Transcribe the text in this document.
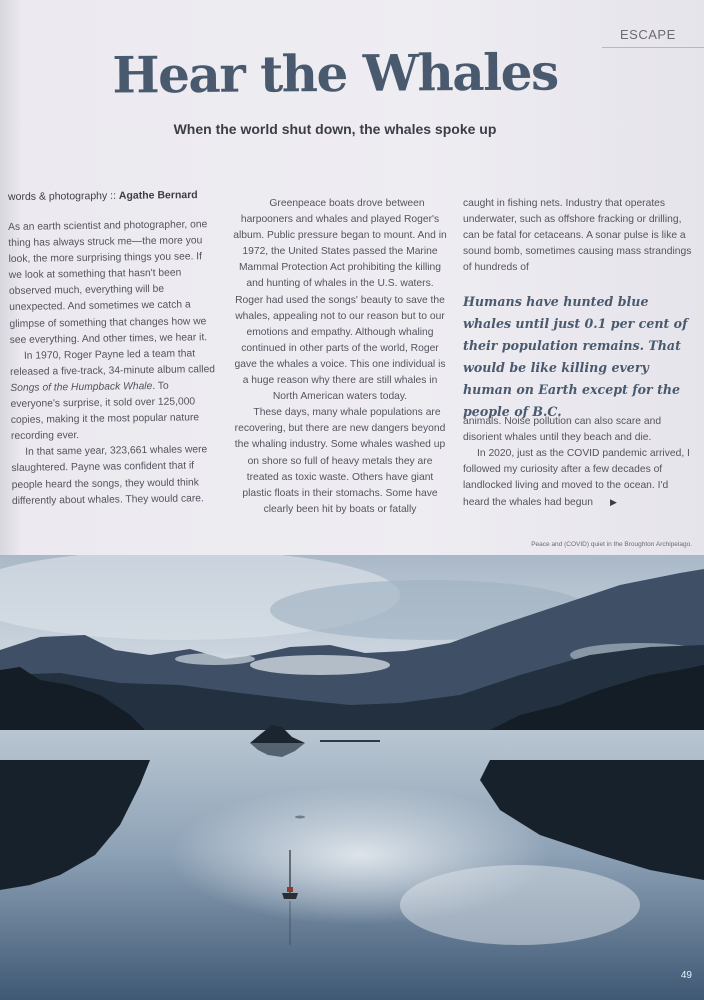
ESCAPE
Hear the Whales
When the world shut down, the whales spoke up
words & photography :: Agathe Bernard

As an earth scientist and photographer, one thing has always struck me—the more you look, the more surprising things you see. If we look at something that hasn't been observed much, everything will be unexpected. And sometimes we catch a glimpse of something that changes how we see everything. And other times, we hear it.

In 1970, Roger Payne led a team that released a five-track, 34-minute album called Songs of the Humpback Whale. To everyone's surprise, it sold over 125,000 copies, making it the most popular nature recording ever.

In that same year, 323,661 whales were slaughtered. Payne was confident that if people heard the songs, they would think differently about whales. They would care.

Greenpeace boats drove between harpooners and whales and played Roger's album. Public pressure began to mount. And in 1972, the United States passed the Marine Mammal Protection Act prohibiting the killing and hunting of whales in the U.S. waters. Roger had used the songs' beauty to save the whales, appealing not to our reason but to our emotions and empathy. Although whaling continued in other parts of the world, Roger gave the whales a voice. This one individual is a huge reason why there are still whales in North American waters today.

These days, many whale populations are recovering, but there are new dangers beyond the whaling industry. Some whales washed up on shore so full of heavy metals they are treated as toxic waste. Others have giant plastic floats in their stomachs. Some have clearly been hit by boats or fatally

caught in fishing nets. Industry that operates underwater, such as offshore fracking or drilling, can be fatal for cetaceans. A sonar pulse is like a sound bomb, sometimes causing mass strandings of hundreds of

Humans have hunted blue whales until just 0.1 per cent of their population remains. That would be like killing every human on Earth except for the people of B.C.

animals. Noise pollution can also scare and disorient whales until they beach and die.

In 2020, just as the COVID pandemic arrived, I followed my curiosity after a few decades of landlocked living and moved to the ocean. I'd heard the whales had begun ▶

Peace and (COVID) quiet in the Broughton Archipelago.
49
